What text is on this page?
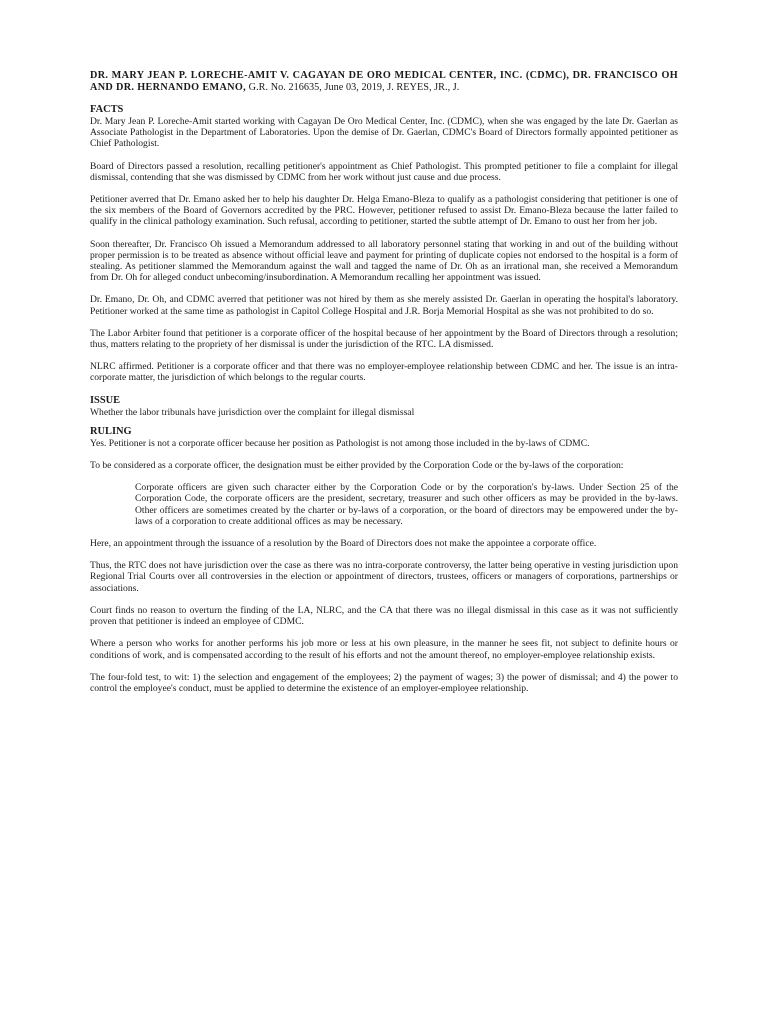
DR. MARY JEAN P. LORECHE-AMIT V. CAGAYAN DE ORO MEDICAL CENTER, INC. (CDMC), DR. FRANCISCO OH AND DR. HERNANDO EMANO, G.R. No. 216635, June 03, 2019, J. REYES, JR., J.

FACTS

Dr. Mary Jean P. Loreche-Amit started working with Cagayan De Oro Medical Center, Inc. (CDMC), when she was engaged by the late Dr. Gaerlan as Associate Pathologist in the Department of Laboratories. Upon the demise of Dr. Gaerlan, CDMC's Board of Directors formally appointed petitioner as Chief Pathologist.

Board of Directors passed a resolution, recalling petitioner's appointment as Chief Pathologist. This prompted petitioner to file a complaint for illegal dismissal, contending that she was dismissed by CDMC from her work without just cause and due process.

Petitioner averred that Dr. Emano asked her to help his daughter Dr. Helga Emano-Bleza to qualify as a pathologist considering that petitioner is one of the six members of the Board of Governors accredited by the PRC. However, petitioner refused to assist Dr. Emano-Bleza because the latter failed to qualify in the clinical pathology examination. Such refusal, according to petitioner, started the subtle attempt of Dr. Emano to oust her from her job.

Soon thereafter, Dr. Francisco Oh issued a Memorandum addressed to all laboratory personnel stating that working in and out of the building without proper permission is to be treated as absence without official leave and payment for printing of duplicate copies not endorsed to the hospital is a form of stealing. As petitioner slammed the Memorandum against the wall and tagged the name of Dr. Oh as an irrational man, she received a Memorandum from Dr. Oh for alleged conduct unbecoming/insubordination. A Memorandum recalling her appointment was issued.

Dr. Emano, Dr. Oh, and CDMC averred that petitioner was not hired by them as she merely assisted Dr. Gaerlan in operating the hospital's laboratory. Petitioner worked at the same time as pathologist in Capitol College Hospital and J.R. Borja Memorial Hospital as she was not prohibited to do so.

The Labor Arbiter found that petitioner is a corporate officer of the hospital because of her appointment by the Board of Directors through a resolution; thus, matters relating to the propriety of her dismissal is under the jurisdiction of the RTC. LA dismissed.

NLRC affirmed. Petitioner is a corporate officer and that there was no employer-employee relationship between CDMC and her. The issue is an intra-corporate matter, the jurisdiction of which belongs to the regular courts.

ISSUE

Whether the labor tribunals have jurisdiction over the complaint for illegal dismissal

RULING

Yes. Petitioner is not a corporate officer because her position as Pathologist is not among those included in the by-laws of CDMC.

To be considered as a corporate officer, the designation must be either provided by the Corporation Code or the by-laws of the corporation:

Corporate officers are given such character either by the Corporation Code or by the corporation's by-laws. Under Section 25 of the Corporation Code, the corporate officers are the president, secretary, treasurer and such other officers as may be provided in the by-laws. Other officers are sometimes created by the charter or by-laws of a corporation, or the board of directors may be empowered under the by-laws of a corporation to create additional offices as may be necessary.

Here, an appointment through the issuance of a resolution by the Board of Directors does not make the appointee a corporate office.

Thus, the RTC does not have jurisdiction over the case as there was no intra-corporate controversy, the latter being operative in vesting jurisdiction upon Regional Trial Courts over all controversies in the election or appointment of directors, trustees, officers or managers of corporations, partnerships or associations.

Court finds no reason to overturn the finding of the LA, NLRC, and the CA that there was no illegal dismissal in this case as it was not sufficiently proven that petitioner is indeed an employee of CDMC.

Where a person who works for another performs his job more or less at his own pleasure, in the manner he sees fit, not subject to definite hours or conditions of work, and is compensated according to the result of his efforts and not the amount thereof, no employer-employee relationship exists.

The four-fold test, to wit: 1) the selection and engagement of the employees; 2) the payment of wages; 3) the power of dismissal; and 4) the power to control the employee's conduct, must be applied to determine the existence of an employer-employee relationship.
